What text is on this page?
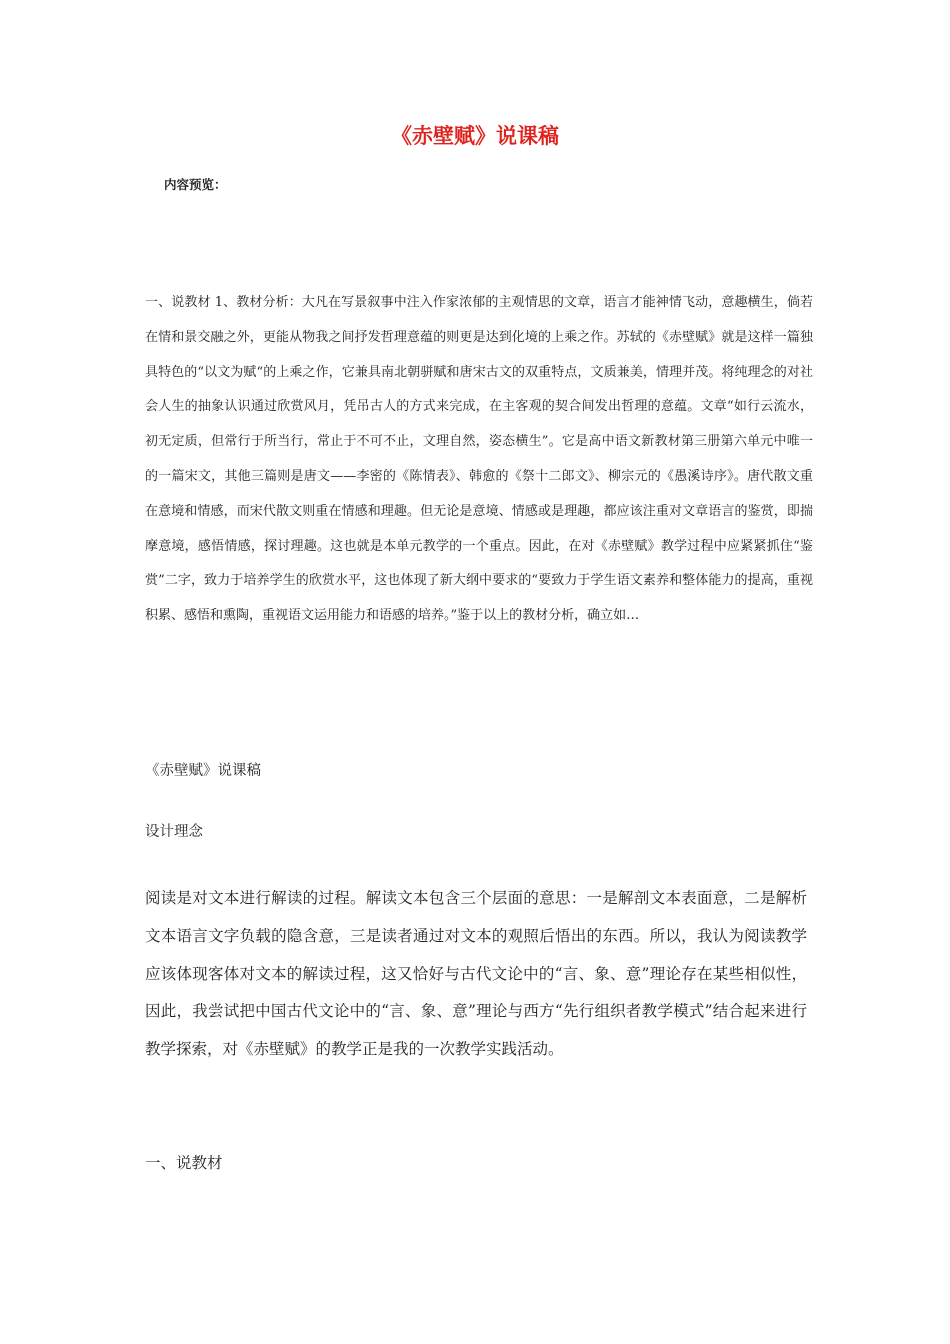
《赤壁赋》说课稿
内容预览：

一、说教材 1、教材分析：大凡在写景叙事中注入作家浓郁的主观情思的文章，语言才能神情飞动，意趣横生，倘若在情和景交融之外，更能从物我之间抒发哲理意蕴的则更是达到化境的上乘之作。苏轼的《赤壁赋》就是这样一篇独具特色的“以文为赋“的上乘之作，它兼具南北朝骈赋和唐宋古文的双重特点，文质兼美，情理并茂。将纯理念的对社会人生的抽象认识通过欣赏风月，凭吊古人的方式来完成，在主客观的契合间发出哲理的意蕴。文章“如行云流水，初无定质，但常行于所当行，常止于不可不止，文理自然，姿态横生”。它是高中语文新教材第三册第六单元中唯一的一篇宋文，其他三篇则是唐文——李密的《陈情表》、韩愈的《祭十二郎文》、柳宗元的《愚溪诗序》。唐代散文重在意境和情感，而宋代散文则重在情感和理趣。但无论是意境、情感或是理趣，都应该注重对文章语言的鉴赏，即揣摩意境，感悟情感，探讨理趣。这也就是本单元教学的一个重点。因此，在对《赤壁赋》教学过程中应紧紧抓住“鉴赏”二字，致力于培养学生的欣赏水平，这也体现了新大纲中要求的“要致力于学生语文素养和整体能力的提高，重视积累、感悟和熏陶，重视语文运用能力和语感的培养。”鉴于以上的教材分析，确立如…

《赤壁赋》说课稿

设计理念

阅读是对文本进行解读的过程。解读文本包含三个层面的意思：一是解剖文本表面意，二是解析文本语言文字负载的隐含意，三是读者通过对文本的观照后悟出的东西。所以，我认为阅读教学应该体现客体对文本的解读过程，这又恰好与古代文论中的“言、象、意”理论存在某些相似性，因此，我尝试把中国古代文论中的“言、象、意”理论与西方“先行组织者教学模式”结合起来进行教学探索，对《赤壁赋》的教学正是我的一次教学实践活动。

一、说教材
